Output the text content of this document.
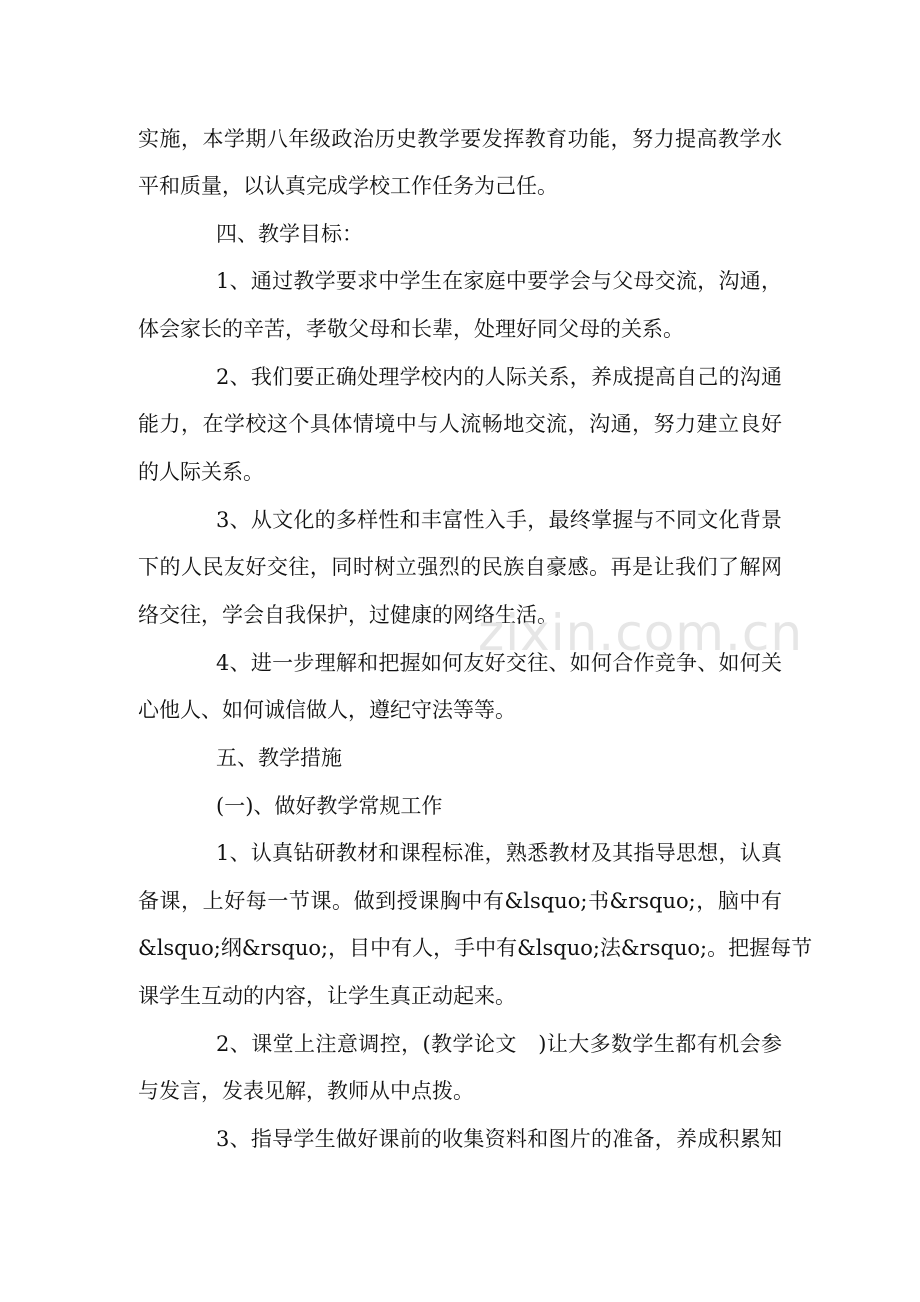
实施，本学期八年级政治历史教学要发挥教育功能，努力提高教学水
平和质量，以认真完成学校工作任务为己任。
四、教学目标：
1、通过教学要求中学生在家庭中要学会与父母交流，沟通，
体会家长的辛苦，孝敬父母和长辈，处理好同父母的关系。
2、我们要正确处理学校内的人际关系，养成提高自己的沟通
能力，在学校这个具体情境中与人流畅地交流，沟通，努力建立良好
的人际关系。
3、从文化的多样性和丰富性入手，最终掌握与不同文化背景
下的人民友好交往，同时树立强烈的民族自豪感。再是让我们了解网
络交往，学会自我保护，过健康的网络生活。
4、进一步理解和把握如何友好交往、如何合作竞争、如何关
心他人、如何诚信做人，遵纪守法等等。
五、教学措施
(一)、做好教学常规工作
1、认真钻研教材和课程标准，熟悉教材及其指导思想，认真
备课，上好每一节课。做到授课胸中有&lsquo;书&rsquo;，脑中有
&lsquo;纲&rsquo;，目中有人，手中有&lsquo;法&rsquo;。把握每节
课学生互动的内容，让学生真正动起来。
2、课堂上注意调控，(教学论文　)让大多数学生都有机会参
与发言，发表见解，教师从中点拨。
3、指导学生做好课前的收集资料和图片的准备，养成积累知
zixin.com.cn
